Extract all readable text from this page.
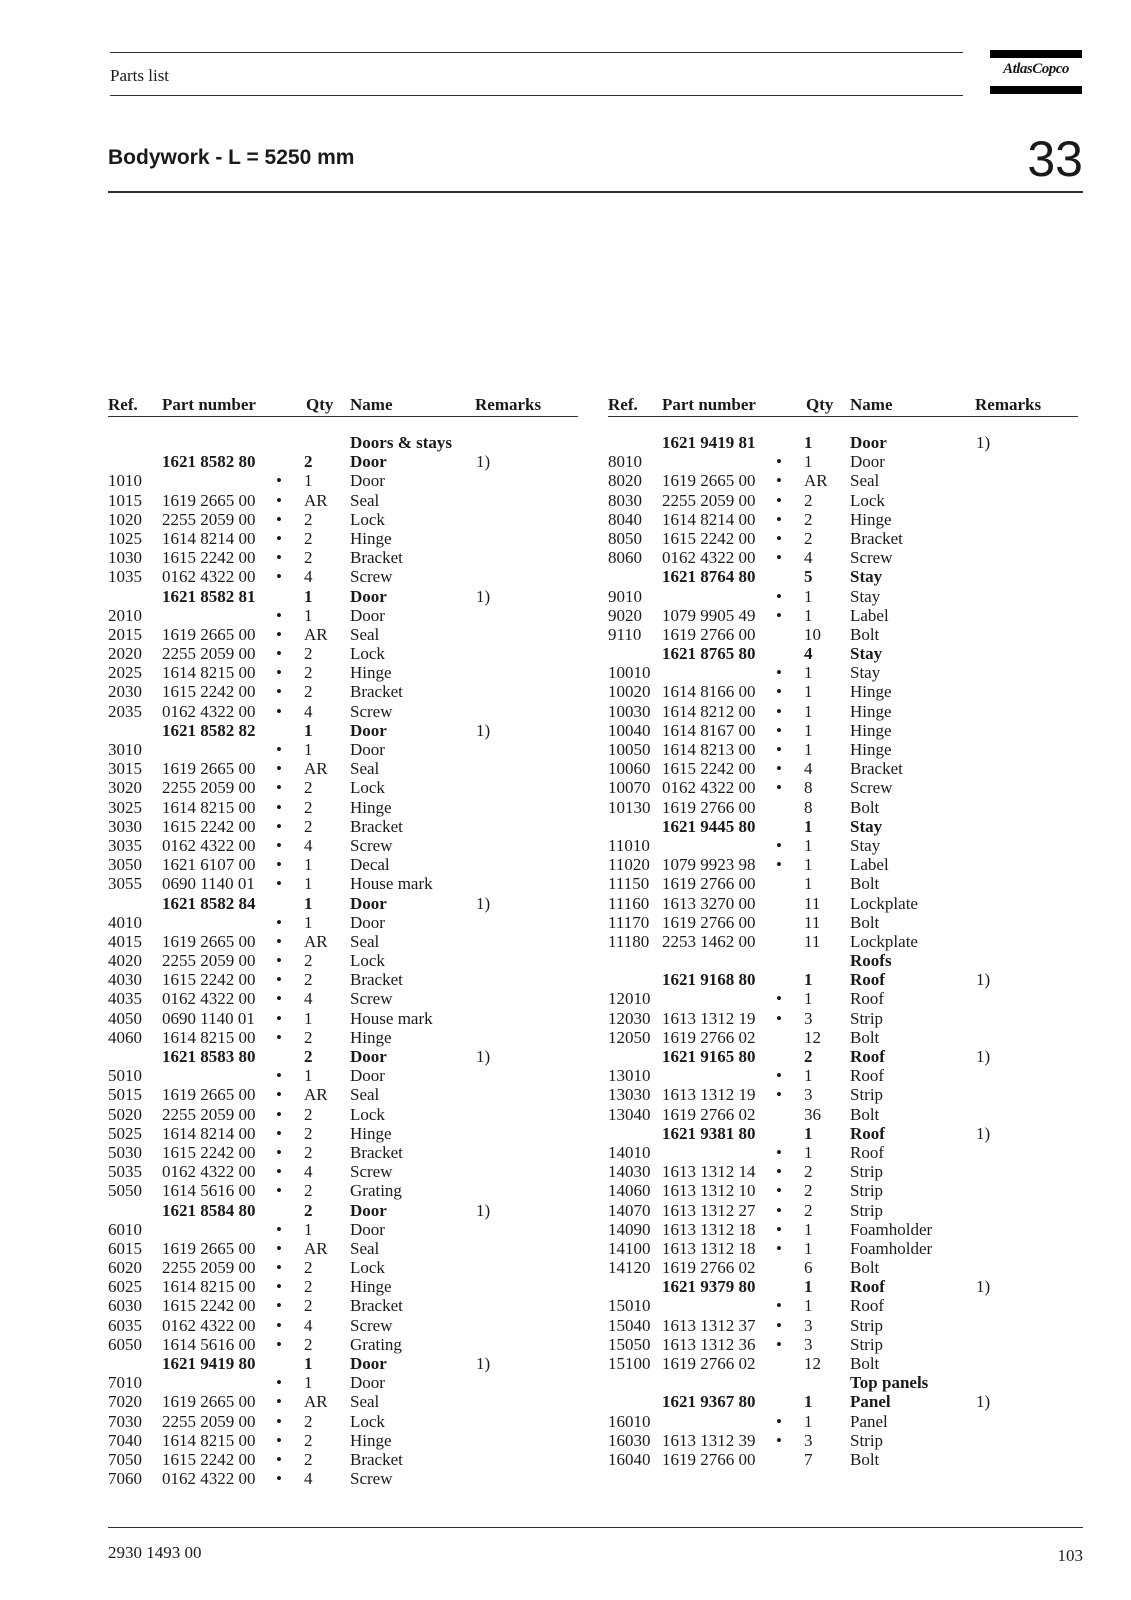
Parts list	AtlasCopco
Bodywork - L = 5250 mm	33
Ref. Part number	Qty Name	Remarks
Doors & stays
1621 8582 80	2 Door	1)
1010	• 1 Door
1015 1619 2665 00 • AR Seal
1020 2255 2059 00 • 2 Lock
1025 1614 8214 00 • 2 Hinge
1030 1615 2242 00 • 2 Bracket
1035 0162 4322 00 • 4 Screw
1621 8582 81	1 Door	1)
2010	• 1 Door
2015 1619 2665 00 • AR Seal
2020 2255 2059 00 • 2 Lock
2025 1614 8215 00 • 2 Hinge
2030 1615 2242 00 • 2 Bracket
2035 0162 4322 00 • 4 Screw
1621 8582 82	1 Door	1)
3010	• 1 Door
3015 1619 2665 00 • AR Seal
3020 2255 2059 00 • 2 Lock
3025 1614 8215 00 • 2 Hinge
3030 1615 2242 00 • 2 Bracket
3035 0162 4322 00 • 4 Screw
3050 1621 6107 00 • 1 Decal
3055 0690 1140 01 • 1 House mark
1621 8582 84	1 Door	1)
4010	• 1 Door
4015 1619 2665 00 • AR Seal
4020 2255 2059 00 • 2 Lock
4030 1615 2242 00 • 2 Bracket
4035 0162 4322 00 • 4 Screw
4050 0690 1140 01 • 1 House mark
4060 1614 8215 00 • 2 Hinge
1621 8583 80	2 Door	1)
5010	• 1 Door
5015 1619 2665 00 • AR Seal
5020 2255 2059 00 • 2 Lock
5025 1614 8214 00 • 2 Hinge
5030 1615 2242 00 • 2 Bracket
5035 0162 4322 00 • 4 Screw
5050 1614 5616 00 • 2 Grating
1621 8584 80	2 Door	1)
6010	• 1 Door
6015 1619 2665 00 • AR Seal
6020 2255 2059 00 • 2 Lock
6025 1614 8215 00 • 2 Hinge
6030 1615 2242 00 • 2 Bracket
6035 0162 4322 00 • 4 Screw
6050 1614 5616 00 • 2 Grating
1621 9419 80	1 Door	1)
7010	• 1 Door
7020 1619 2665 00 • AR Seal
7030 2255 2059 00 • 2 Lock
7040 1614 8215 00 • 2 Hinge
7050 1615 2242 00 • 2 Bracket
7060 0162 4322 00 • 4 Screw
Ref. Part number	Qty Name	Remarks
1621 9419 81	1 Door	1)
8010	• 1 Door
8020 1619 2665 00 • AR Seal
8030 2255 2059 00 • 2 Lock
8040 1614 8214 00 • 2 Hinge
8050 1615 2242 00 • 2 Bracket
8060 0162 4322 00 • 4 Screw
1621 8764 80	5 Stay
9010	• 1 Stay
9020 1079 9905 49 • 1 Label
9110 1619 2766 00	10 Bolt
1621 8765 80	4 Stay
10010	• 1 Stay
10020 1614 8166 00 • 1 Hinge
10030 1614 8212 00 • 1 Hinge
10040 1614 8167 00 • 1 Hinge
10050 1614 8213 00 • 1 Hinge
10060 1615 2242 00 • 4 Bracket
10070 0162 4322 00 • 8 Screw
10130 1619 2766 00	8 Bolt
1621 9445 80	1 Stay
11010	• 1 Stay
11020 1079 9923 98 • 1 Label
11150 1619 2766 00	1 Bolt
11160 1613 3270 00	11 Lockplate
11170 1619 2766 00	11 Bolt
11180 2253 1462 00	11 Lockplate
Roofs
1621 9168 80	1 Roof	1)
12010	• 1 Roof
12030 1613 1312 19 • 3 Strip
12050 1619 2766 02	12 Bolt
1621 9165 80	2 Roof	1)
13010	• 1 Roof
13030 1613 1312 19 • 3 Strip
13040 1619 2766 02	36 Bolt
1621 9381 80	1 Roof	1)
14010	• 1 Roof
14030 1613 1312 14 • 2 Strip
14060 1613 1312 10 • 2 Strip
14070 1613 1312 27 • 2 Strip
14090 1613 1312 18 • 1 Foamholder
14100 1613 1312 18 • 1 Foamholder
14120 1619 2766 02	6 Bolt
1621 9379 80	1 Roof	1)
15010	• 1 Roof
15040 1613 1312 37 • 3 Strip
15050 1613 1312 36 • 3 Strip
15100 1619 2766 02	12 Bolt
Top panels
1621 9367 80	1 Panel	1)
16010	• 1 Panel
16030 1613 1312 39 • 3 Strip
16040 1619 2766 00	7 Bolt
2930 1493 00	103
